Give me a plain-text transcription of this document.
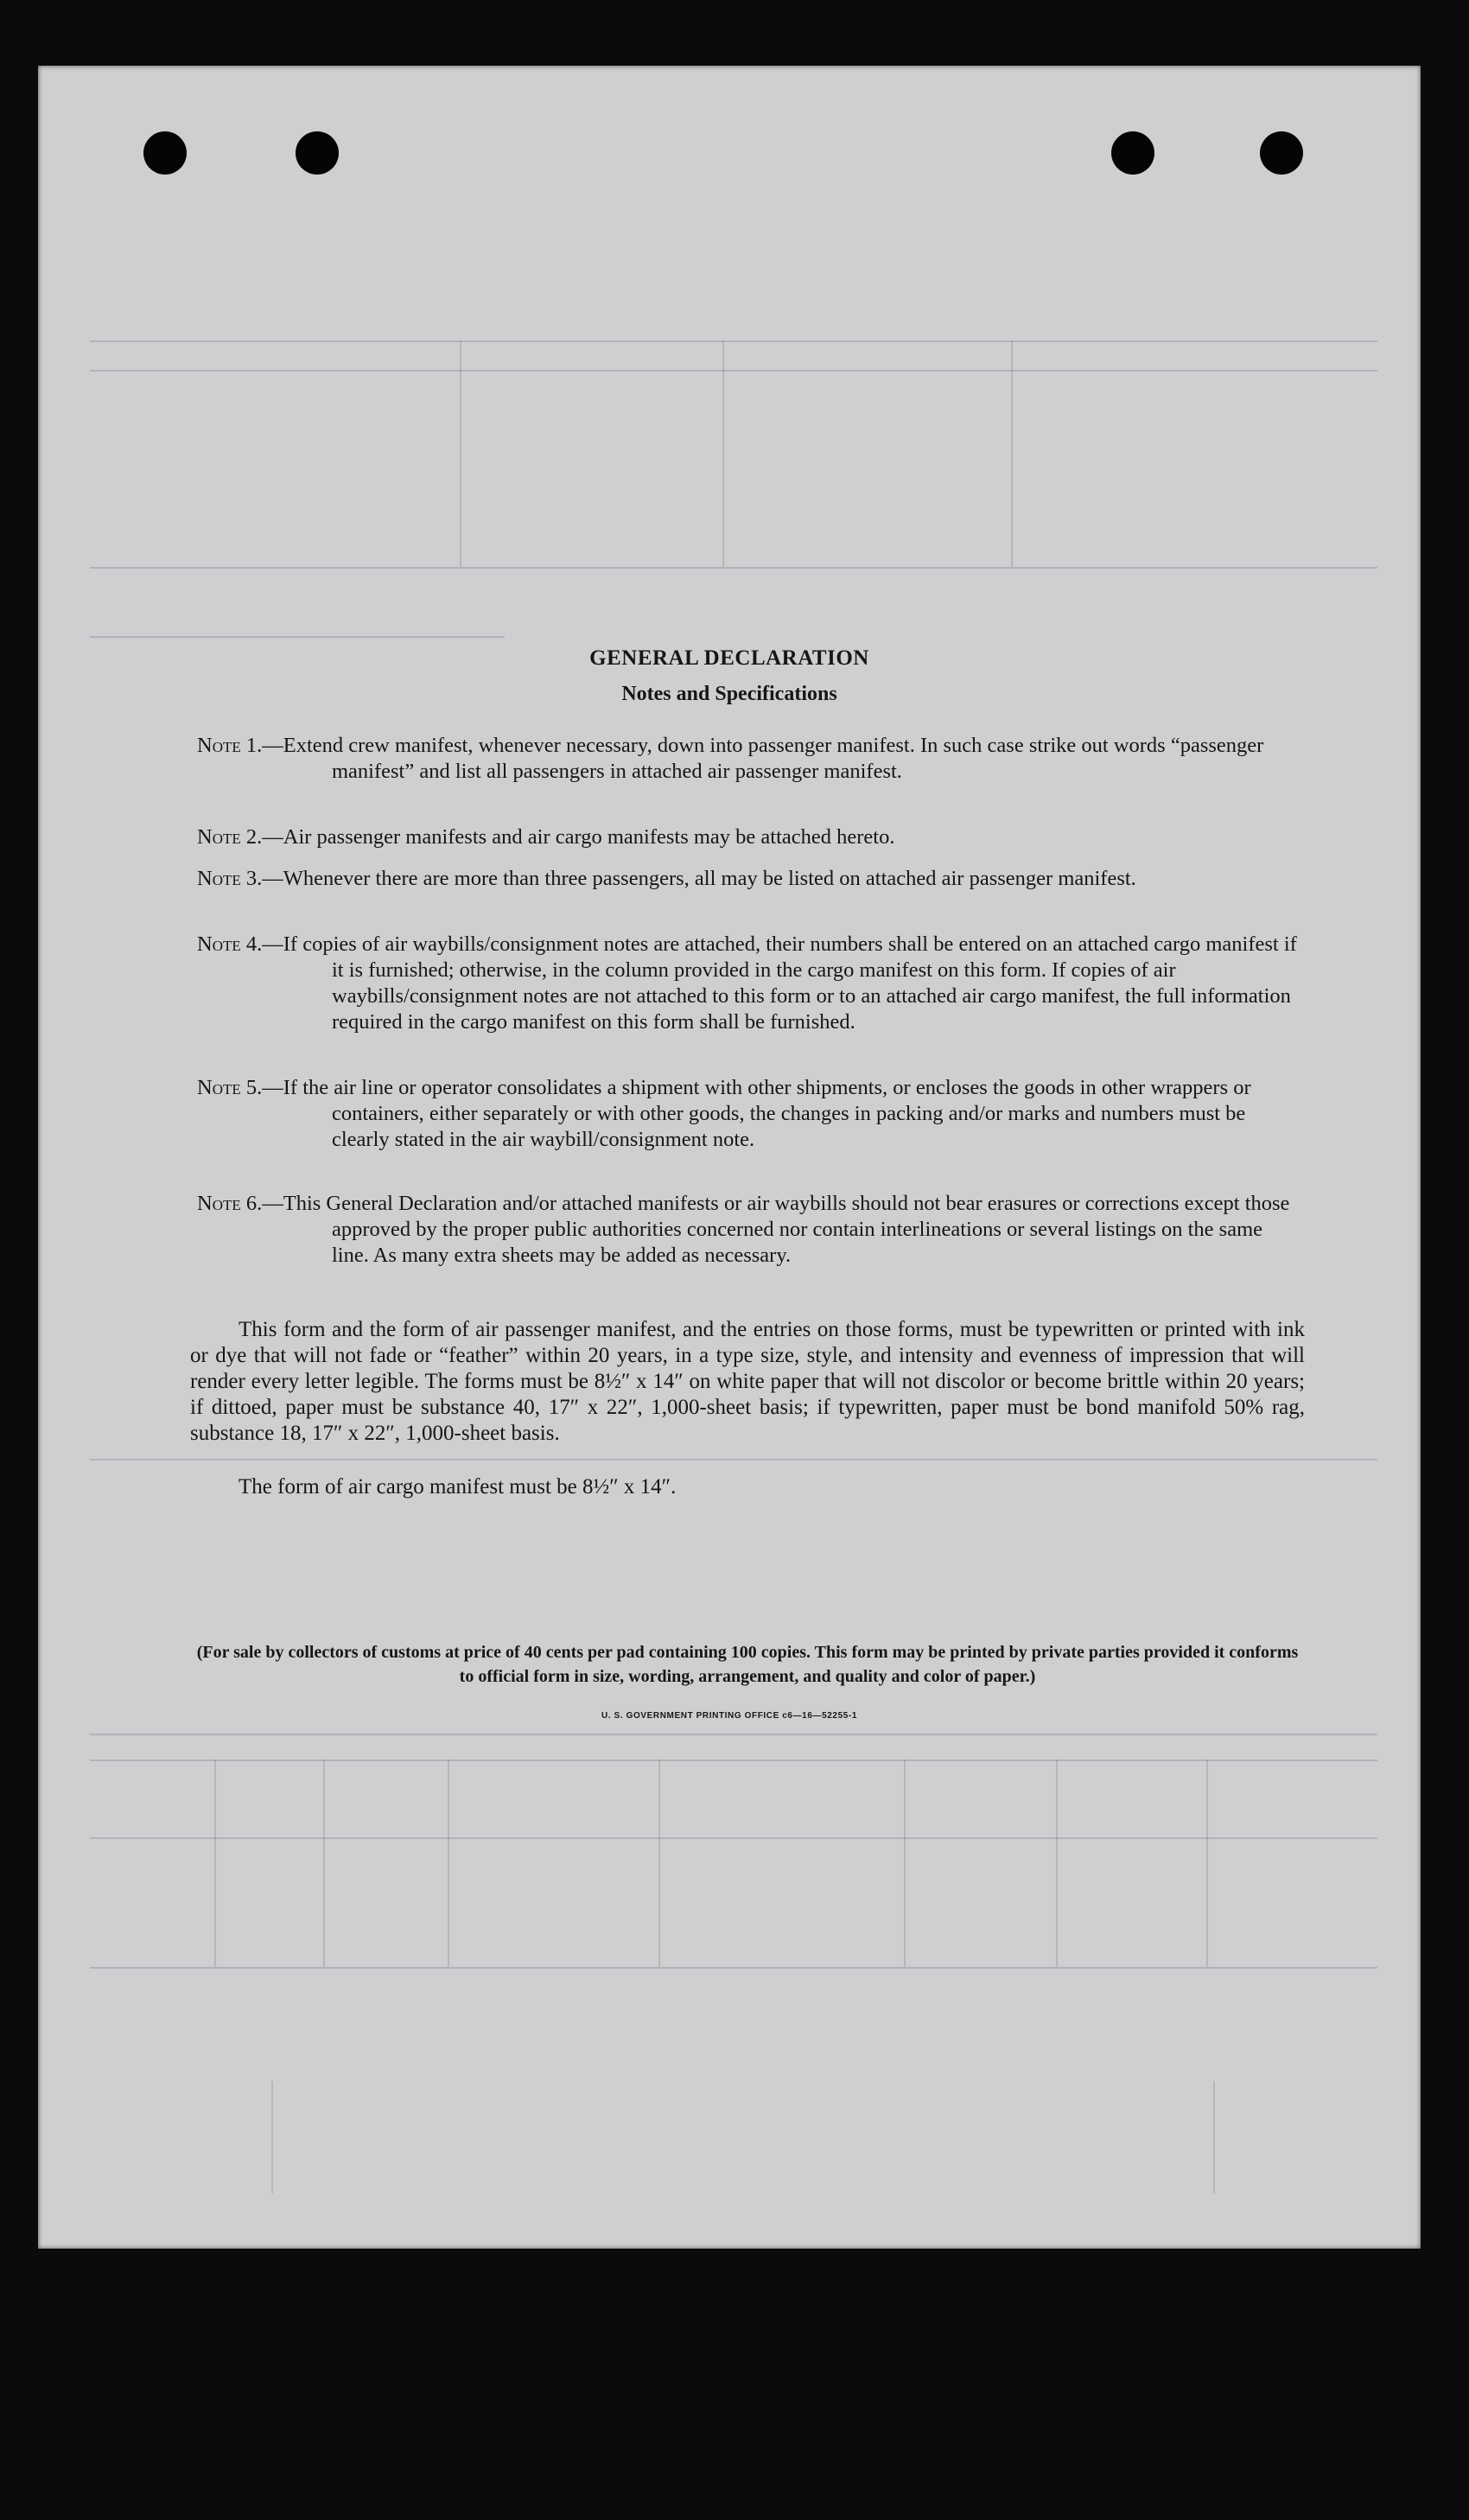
GENERAL DECLARATION
Notes and Specifications
Note 1.—Extend crew manifest, whenever necessary, down into passenger manifest. In such case strike out words “passenger manifest” and list all passengers in attached air passenger manifest.
Note 2.—Air passenger manifests and air cargo manifests may be attached hereto.
Note 3.—Whenever there are more than three passengers, all may be listed on attached air passenger manifest.
Note 4.—If copies of air waybills/consignment notes are attached, their numbers shall be entered on an attached cargo manifest if it is furnished; otherwise, in the column provided in the cargo manifest on this form. If copies of air waybills/consignment notes are not attached to this form or to an attached air cargo manifest, the full information required in the cargo manifest on this form shall be furnished.
Note 5.—If the air line or operator consolidates a shipment with other shipments, or encloses the goods in other wrappers or containers, either separately or with other goods, the changes in packing and/or marks and numbers must be clearly stated in the air waybill/consignment note.
Note 6.—This General Declaration and/or attached manifests or air waybills should not bear erasures or corrections except those approved by the proper public authorities concerned nor contain interlineations or several listings on the same line. As many extra sheets may be added as necessary.
This form and the form of air passenger manifest, and the entries on those forms, must be typewritten or printed with ink or dye that will not fade or “feather” within 20 years, in a type size, style, and intensity and evenness of impression that will render every letter legible. The forms must be 8½″ x 14″ on white paper that will not discolor or become brittle within 20 years; if dittoed, paper must be substance 40, 17″ x 22″, 1,000-sheet basis; if typewritten, paper must be bond manifold 50% rag, substance 18, 17″ x 22″, 1,000-sheet basis.
The form of air cargo manifest must be 8½″ x 14″.
(For sale by collectors of customs at price of 40 cents per pad containing 100 copies. This form may be printed by private parties provided it conforms to official form in size, wording, arrangement, and quality and color of paper.)
U. S. GOVERNMENT PRINTING OFFICE c6—16—52255-1
